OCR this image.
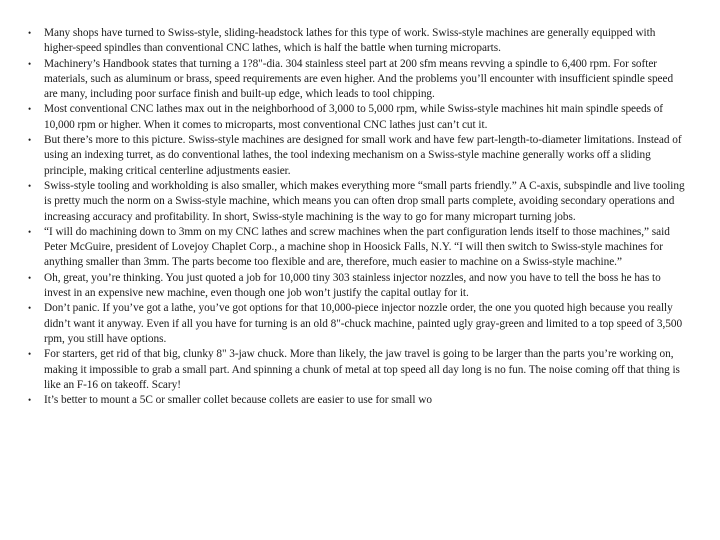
• Many shops have turned to Swiss-style, sliding-headstock lathes for this type of work. Swiss-style machines are generally equipped with higher-speed spindles than conventional CNC lathes, which is half the battle when turning microparts.
• Machinery’s Handbook states that turning a 1?8"-dia. 304 stainless steel part at 200 sfm means revving a spindle to 6,400 rpm. For softer materials, such as aluminum or brass, speed requirements are even higher. And the problems you’ll encounter with insufficient spindle speed are many, including poor surface finish and built-up edge, which leads to tool chipping.
• Most conventional CNC lathes max out in the neighborhood of 3,000 to 5,000 rpm, while Swiss-style machines hit main spindle speeds of 10,000 rpm or higher. When it comes to microparts, most conventional CNC lathes just can’t cut it.
• But there’s more to this picture. Swiss-style machines are designed for small work and have few part-length-to-diameter limitations. Instead of using an indexing turret, as do conventional lathes, the tool indexing mechanism on a Swiss-style machine generally works off a sliding principle, making critical centerline adjustments easier.
• Swiss-style tooling and workholding is also smaller, which makes everything more “small parts friendly.” A C-axis, subspindle and live tooling is pretty much the norm on a Swiss-style machine, which means you can often drop small parts complete, avoiding secondary operations and increasing accuracy and profitability. In short, Swiss-style machining is the way to go for many micropart turning jobs.
• “I will do machining down to 3mm on my CNC lathes and screw machines when the part configuration lends itself to those machines,” said Peter McGuire, president of Lovejoy Chaplet Corp., a machine shop in Hoosick Falls, N.Y. “I will then switch to Swiss-style machines for anything smaller than 3mm. The parts become too flexible and are, therefore, much easier to machine on a Swiss-style machine.”
• Oh, great, you’re thinking. You just quoted a job for 10,000 tiny 303 stainless injector nozzles, and now you have to tell the boss he has to invest in an expensive new machine, even though one job won’t justify the capital outlay for it.
• Don’t panic. If you’ve got a lathe, you’ve got options for that 10,000-piece injector nozzle order, the one you quoted high because you really didn’t want it anyway. Even if all you have for turning is an old 8"-chuck machine, painted ugly gray-green and limited to a top speed of 3,500 rpm, you still have options.
• For starters, get rid of that big, clunky 8" 3-jaw chuck. More than likely, the jaw travel is going to be larger than the parts you’re working on, making it impossible to grab a small part. And spinning a chunk of metal at top speed all day long is no fun. The noise coming off that thing is like an F-16 on takeoff. Scary!
• It’s better to mount a 5C or smaller collet because collets are easier to use for small wo
